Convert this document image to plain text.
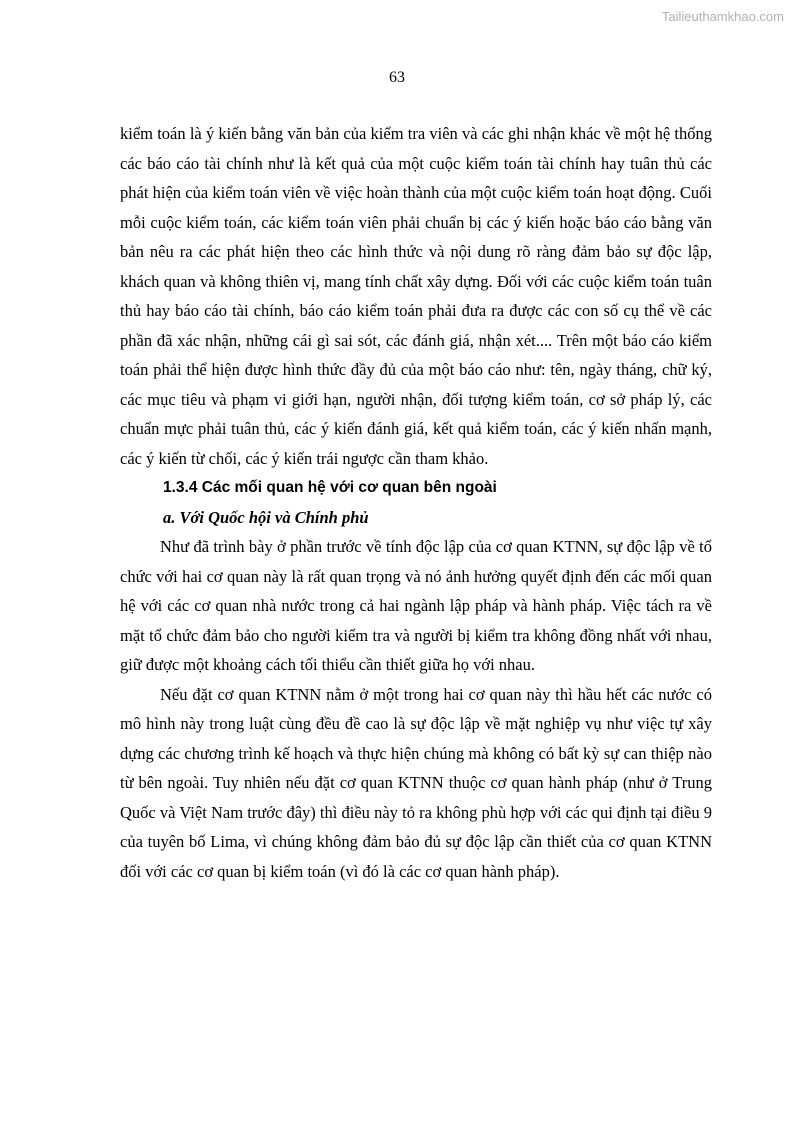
Tailieuthamkhao.com
63

kiểm toán là ý kiến bằng văn bản của kiểm tra viên và các ghi nhận khác về một hệ thống các báo cáo tài chính như là kết quả của một cuộc kiểm toán tài chính hay tuân thủ các phát hiện của kiểm toán viên về việc hoàn thành của một cuộc kiểm toán hoạt động. Cuối mỗi cuộc kiểm toán, các kiểm toán viên phải chuẩn bị các ý kiến hoặc báo cáo bằng văn bản nêu ra các phát hiện theo các hình thức và nội dung rõ ràng đảm bảo sự độc lập, khách quan và không thiên vị, mang tính chất xây dựng. Đối với các cuộc kiểm toán tuân thủ hay báo cáo tài chính, báo cáo kiểm toán phải đưa ra được các con số cụ thể về các phần đã xác nhận, những cái gì sai sót, các đánh giá, nhận xét.... Trên một báo cáo kiểm toán phải thể hiện được hình thức đầy đủ của một báo cáo như: tên, ngày tháng, chữ ký, các mục tiêu và phạm vi giới hạn, người nhận, đối tượng kiểm toán, cơ sở pháp lý, các chuẩn mực phải tuân thủ, các ý kiến đánh giá, kết quả kiểm toán, các ý kiến nhấn mạnh, các ý kiến từ chối, các ý kiến trái ngược cần tham khảo.

1.3.4 Các mối quan hệ với cơ quan bên ngoài

a. Với Quốc hội và Chính phủ

Như đã trình bày ở phần trước về tính độc lập của cơ quan KTNN, sự độc lập về tổ chức với hai cơ quan này là rất quan trọng và nó ảnh hưởng quyết định đến các mối quan hệ với các cơ quan nhà nước trong cả hai ngành lập pháp và hành pháp. Việc tách ra về mặt tổ chức đảm bảo cho người kiểm tra và người bị kiểm tra không đồng nhất với nhau, giữ được một khoảng cách tối thiểu cần thiết giữa họ với nhau.

Nếu đặt cơ quan KTNN nằm ở một trong hai cơ quan này thì hầu hết các nước có mô hình này trong luật cùng đều đề cao là sự độc lập về mặt nghiệp vụ như việc tự xây dựng các chương trình kế hoạch và thực hiện chúng mà không có bất kỳ sự can thiệp nào từ bên ngoài. Tuy nhiên nếu đặt cơ quan KTNN thuộc cơ quan hành pháp (như ở Trung Quốc và Việt Nam trước đây) thì điều này tỏ ra không phù hợp với các qui định tại điều 9 của tuyên bố Lima, vì chúng không đảm bảo đủ sự độc lập cần thiết của cơ quan KTNN đối với các cơ quan bị kiểm toán (vì đó là các cơ quan hành pháp).
